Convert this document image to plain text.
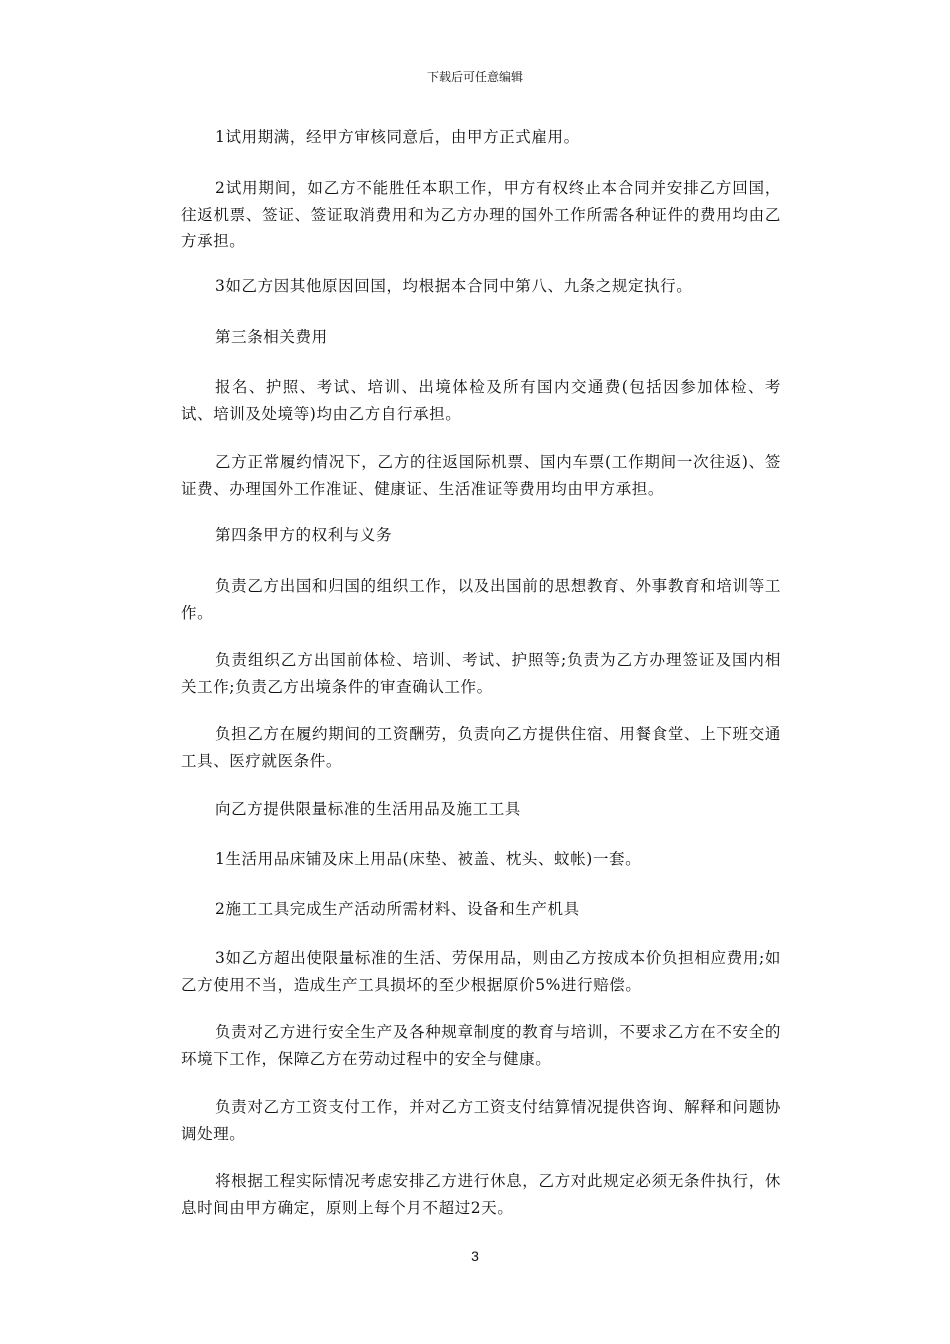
下载后可任意编辑

1试用期满，经甲方审核同意后，由甲方正式雇用。

2试用期间，如乙方不能胜任本职工作，甲方有权终止本合同并安排乙方回国，往返机票、签证、签证取消费用和为乙方办理的国外工作所需各种证件的费用均由乙方承担。

3如乙方因其他原因回国，均根据本合同中第八、九条之规定执行。

第三条相关费用

报名、护照、考试、培训、出境体检及所有国内交通费(包括因参加体检、考试、培训及处境等)均由乙方自行承担。

乙方正常履约情况下，乙方的往返国际机票、国内车票(工作期间一次往返)、签证费、办理国外工作准证、健康证、生活准证等费用均由甲方承担。

第四条甲方的权利与义务

负责乙方出国和归国的组织工作，以及出国前的思想教育、外事教育和培训等工作。

负责组织乙方出国前体检、培训、考试、护照等;负责为乙方办理签证及国内相关工作;负责乙方出境条件的审查确认工作。

负担乙方在履约期间的工资酬劳，负责向乙方提供住宿、用餐食堂、上下班交通工具、医疗就医条件。

向乙方提供限量标准的生活用品及施工工具

1生活用品床铺及床上用品(床垫、被盖、枕头、蚊帐)一套。

2施工工具完成生产活动所需材料、设备和生产机具

3如乙方超出使限量标准的生活、劳保用品，则由乙方按成本价负担相应费用;如乙方使用不当，造成生产工具损坏的至少根据原价5%进行赔偿。

负责对乙方进行安全生产及各种规章制度的教育与培训，不要求乙方在不安全的环境下工作，保障乙方在劳动过程中的安全与健康。

负责对乙方工资支付工作，并对乙方工资支付结算情况提供咨询、解释和问题协调处理。

将根据工程实际情况考虑安排乙方进行休息，乙方对此规定必须无条件执行，休息时间由甲方确定，原则上每个月不超过2天。

3
